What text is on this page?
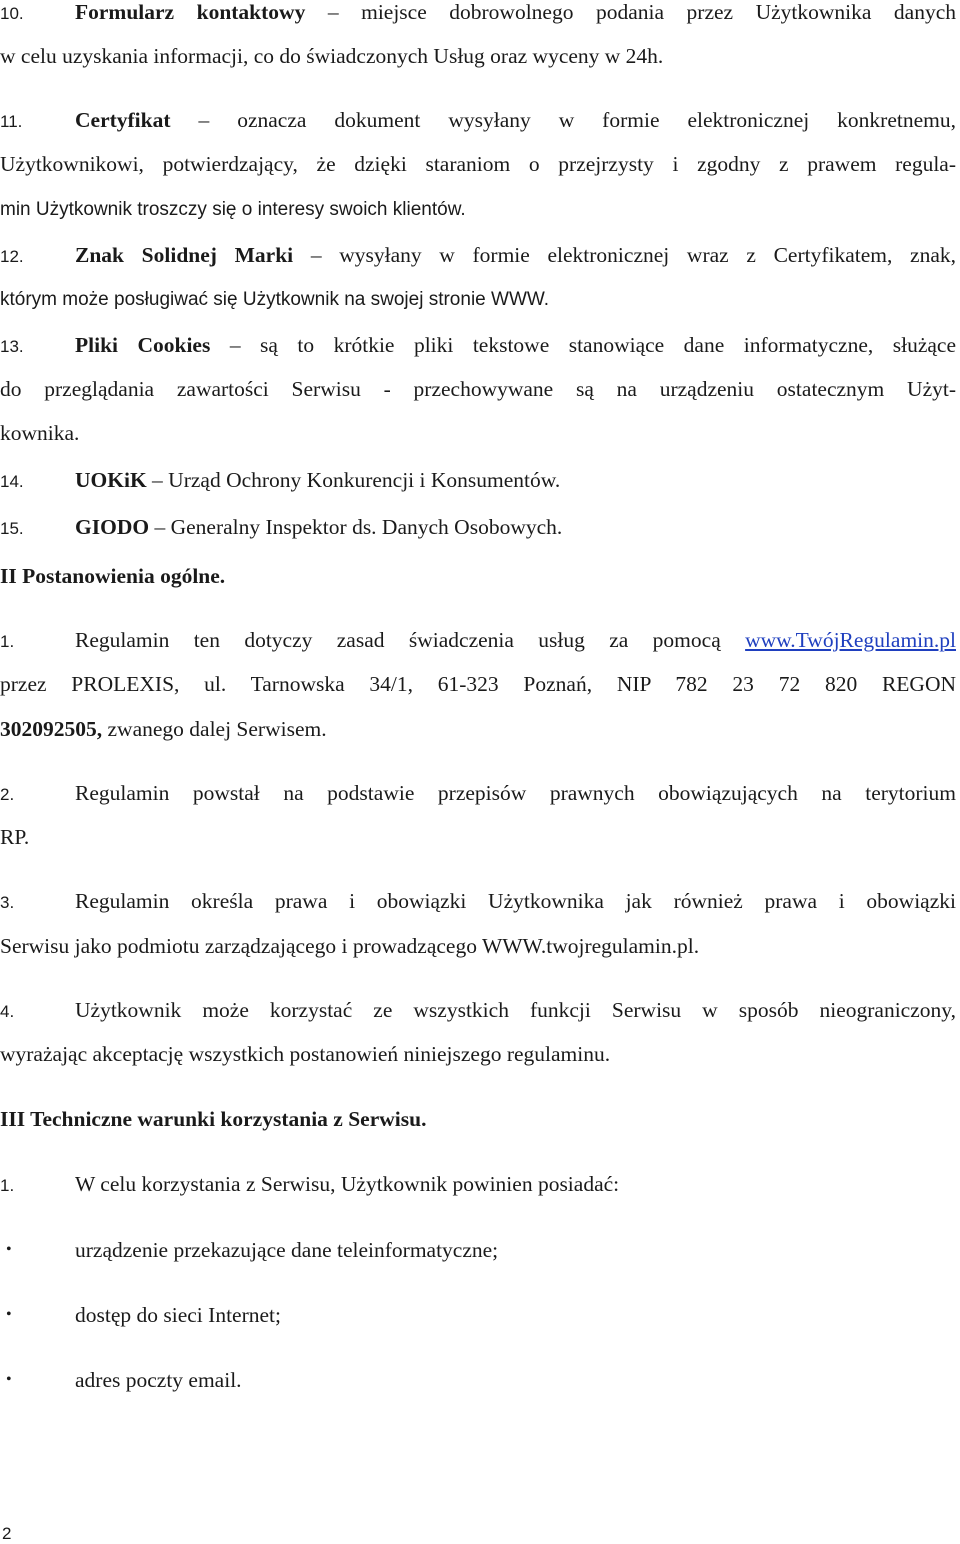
10. Formularz kontaktowy – miejsce dobrowolnego podania przez Użytkownika danych
w celu uzyskania informacji, co do świadczonych Usług oraz wyceny w 24h.
11. Certyfikat – oznacza dokument wysyłany w formie elektronicznej konkretnemu,
Użytkownikowi, potwierdzający, że dzięki staraniom o przejrzysty i zgodny z prawem regula-
min Użytkownik troszczy się o interesy swoich klientów.
12. Znak Solidnej Marki – wysyłany w formie elektronicznej wraz z Certyfikatem, znak,
którym może posługiwać się Użytkownik na swojej stronie WWW.
13. Pliki Cookies – są to krótkie pliki tekstowe stanowiące dane informatyczne, służące
do przeglądania zawartości Serwisu - przechowywane są na urządzeniu ostatecznym Użyt-
kownika.
14. UOKiK – Urząd Ochrony Konkurencji i Konsumentów.
15. GIODO – Generalny Inspektor ds. Danych Osobowych.
II Postanowienia ogólne.
1.	Regulamin ten dotyczy zasad świadczenia usług za pomocą www.TwójRegulamin.pl
przez PROLEXIS, ul. Tarnowska 34/1, 61-323 Poznań, NIP 782 23 72 820 REGON
302092505, zwanego dalej Serwisem.
2.	Regulamin powstał na podstawie przepisów prawnych obowiązujących na terytorium
RP.
3.	Regulamin określa prawa i obowiązki Użytkownika jak również prawa i obowiązki
Serwisu jako podmiotu zarządzającego i prowadzącego WWW.twojregulamin.pl.
4.	Użytkownik może korzystać ze wszystkich funkcji Serwisu w sposób nieograniczony,
wyrażając akceptację wszystkich postanowień niniejszego regulaminu.
III Techniczne warunki korzystania z Serwisu.
1.	W celu korzystania z Serwisu, Użytkownik powinien posiadać:
•	urządzenie przekazujące dane teleinformatyczne;
•	dostęp do sieci Internet;
•	adres poczty email.
2
